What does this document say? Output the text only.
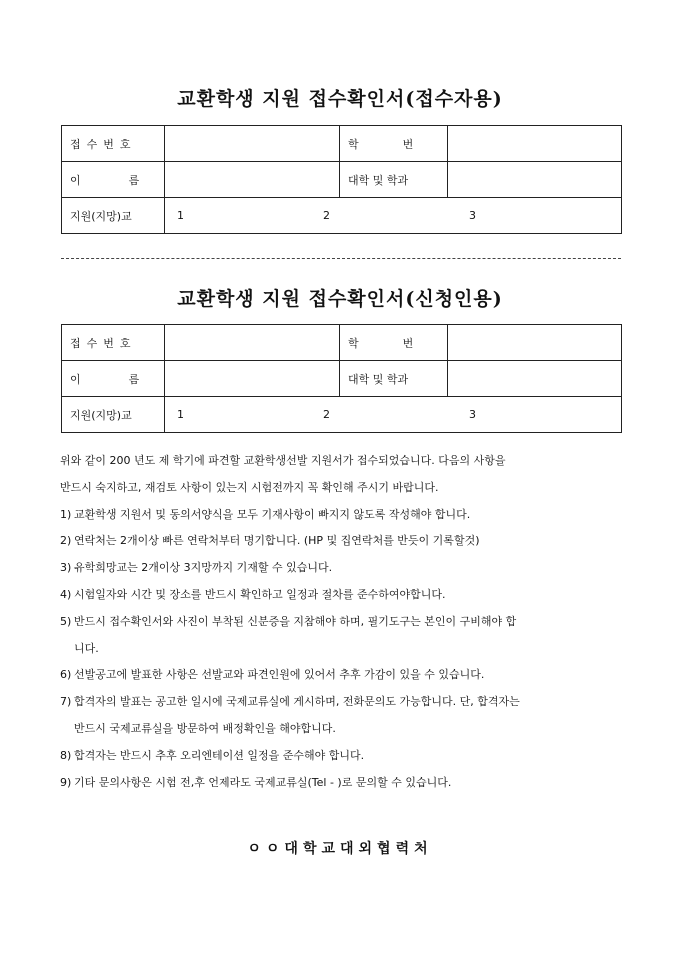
교환학생 지원 접수확인서(접수자용)
접수번호		학 번	
이 름		대학 및 학과	
지원(지망)교	1 2 3		
교환학생 지원 접수확인서(신청인용)
접수번호		학 번	
이 름		대학 및 학과	
지원(지망)교	1 2 3		

위와 같이 200 년도 제 학기에 파견할 교환학생선발 지원서가 접수되었습니다. 다음의 사항을

반드시 숙지하고, 재검토 사항이 있는지 시험전까지 꼭 확인해 주시기 바랍니다.

1) 교환학생 지원서 및 동의서양식을 모두 기재사항이 빠지지 않도록 작성해야 합니다.
2) 연락처는 2개이상 빠른 연락처부터 명기합니다. (HP 및 집연락처를 반듯이 기록할것)
3) 유학희망교는 2개이상 3지망까지 기재할 수 있습니다.
4) 시험일자와 시간 및 장소를 반드시 확인하고 일정과 절차를 준수하여야합니다.
5) 반드시 접수확인서와 사진이 부착된 신분증을 지참해야 하며, 필기도구는 본인이 구비해야 합
니다.
6) 선발공고에 발표한 사항은 선발교와 파견인원에 있어서 추후 가감이 있을 수 있습니다.
7) 합격자의 발표는 공고한 일시에 국제교류실에 게시하며, 전화문의도 가능합니다. 단, 합격자는
반드시 국제교류실을 방문하여 배정확인을 해야합니다.
8) 합격자는 반드시 추후 오리엔테이션 일정을 준수해야 합니다.
9) 기타 문의사항은 시험 전,후 언제라도 국제교류실(Tel - )로 문의할 수 있습니다.
ㅇㅇ대학교대외협력처
